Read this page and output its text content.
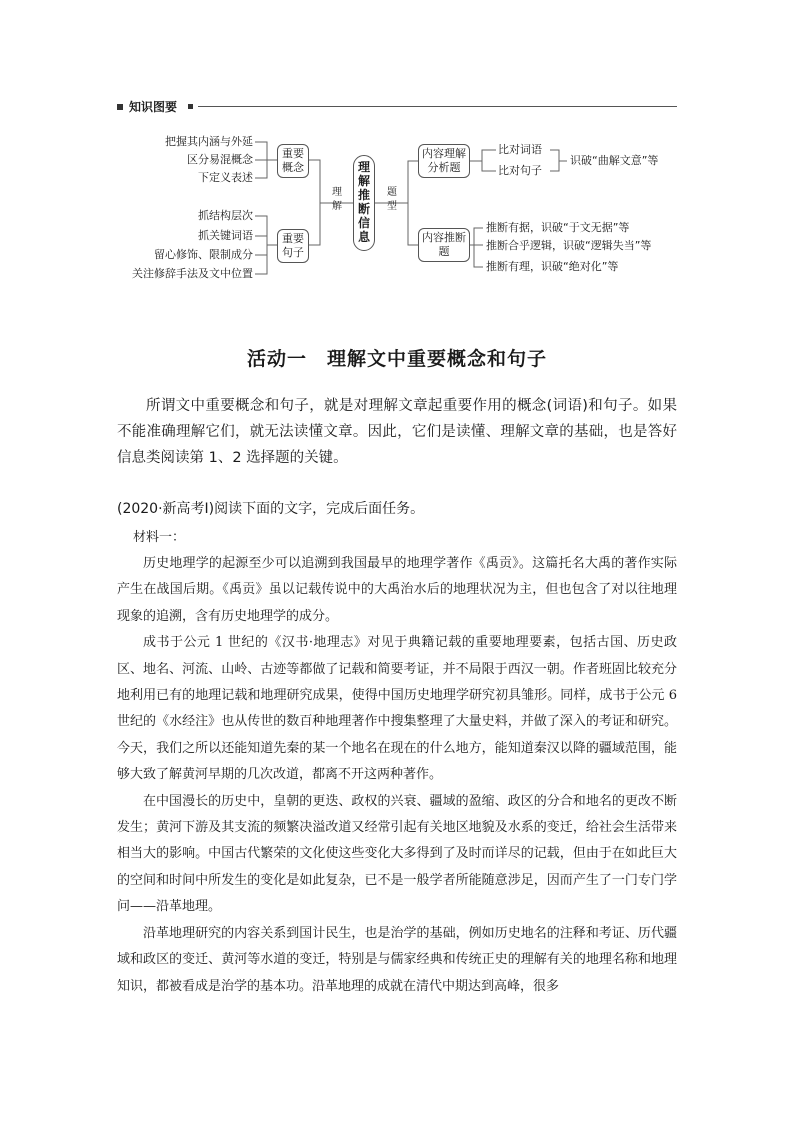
知识图要
把握其内涵与外延
区分易混概念
下定义表述
抓结构层次
抓关键词语
留心修饰、限制成分
关注修辞手法及文中位置
重要概念
重要句子
理解
理解推断信息
题型
内容理解分析题
内容推断题
比对词语
比对句子
识破“曲解文意”等
推断有据，识破“于文无据”等
推断合乎逻辑，识破“逻辑失当”等
推断有理，识破“绝对化”等
活动一　理解文中重要概念和句子
所谓文中重要概念和句子，就是对理解文章起重要作用的概念(词语)和句子。如果不能准确理解它们，就无法读懂文章。因此，它们是读懂、理解文章的基础，也是答好信息类阅读第 1、2 选择题的关键。
(2020·新高考Ⅰ)阅读下面的文字，完成后面任务。
材料一：

历史地理学的起源至少可以追溯到我国最早的地理学著作《禹贡》。这篇托名大禹的著作实际产生在战国后期。《禹贡》虽以记载传说中的大禹治水后的地理状况为主，但也包含了对以往地理现象的追溯，含有历史地理学的成分。

成书于公元 1 世纪的《汉书·地理志》对见于典籍记载的重要地理要素，包括古国、历史政区、地名、河流、山岭、古迹等都做了记载和简要考证，并不局限于西汉一朝。作者班固比较充分地利用已有的地理记载和地理研究成果，使得中国历史地理学研究初具雏形。同样，成书于公元 6 世纪的《水经注》也从传世的数百种地理著作中搜集整理了大量史料，并做了深入的考证和研究。今天，我们之所以还能知道先秦的某一个地名在现在的什么地方，能知道秦汉以降的疆域范围，能够大致了解黄河早期的几次改道，都离不开这两种著作。

在中国漫长的历史中，皇朝的更迭、政权的兴衰、疆域的盈缩、政区的分合和地名的更改不断发生；黄河下游及其支流的频繁决溢改道又经常引起有关地区地貌及水系的变迁，给社会生活带来相当大的影响。中国古代繁荣的文化使这些变化大多得到了及时而详尽的记载，但由于在如此巨大的空间和时间中所发生的变化是如此复杂，已不是一般学者所能随意涉足，因而产生了一门专门学问——沿革地理。

沿革地理研究的内容关系到国计民生，也是治学的基础，例如历史地名的注释和考证、历代疆域和政区的变迁、黄河等水道的变迁，特别是与儒家经典和传统正史的理解有关的地理名称和地理知识，都被看成是治学的基本功。沿革地理的成就在清代中期达到高峰，很多
